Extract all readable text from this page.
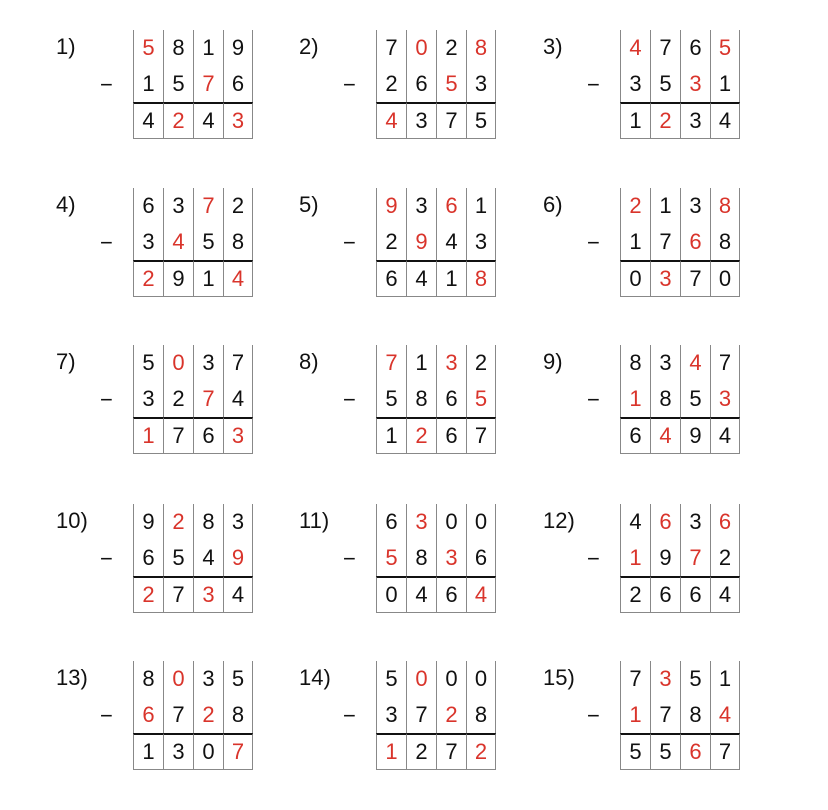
1)
−
5 8 1 9
1 5 7 6
4 2 4 3
2)
−
7 0 2 8
2 6 5 3
4 3 7 5
3)
−
4 7 6 5
3 5 3 1
1 2 3 4
4)
−
6 3 7 2
3 4 5 8
2 9 1 4
5)
−
9 3 6 1
2 9 4 3
6 4 1 8
6)
−
2 1 3 8
1 7 6 8
0 3 7 0
7)
−
5 0 3 7
3 2 7 4
1 7 6 3
8)
−
7 1 3 2
5 8 6 5
1 2 6 7
9)
−
8 3 4 7
1 8 5 3
6 4 9 4
10)
−
9 2 8 3
6 5 4 9
2 7 3 4
11)
−
6 3 0 0
5 8 3 6
0 4 6 4
12)
−
4 6 3 6
1 9 7 2
2 6 6 4
13)
−
8 0 3 5
6 7 2 8
1 3 0 7
14)
−
5 0 0 0
3 7 2 8
1 2 7 2
15)
−
7 3 5 1
1 7 8 4
5 5 6 7
